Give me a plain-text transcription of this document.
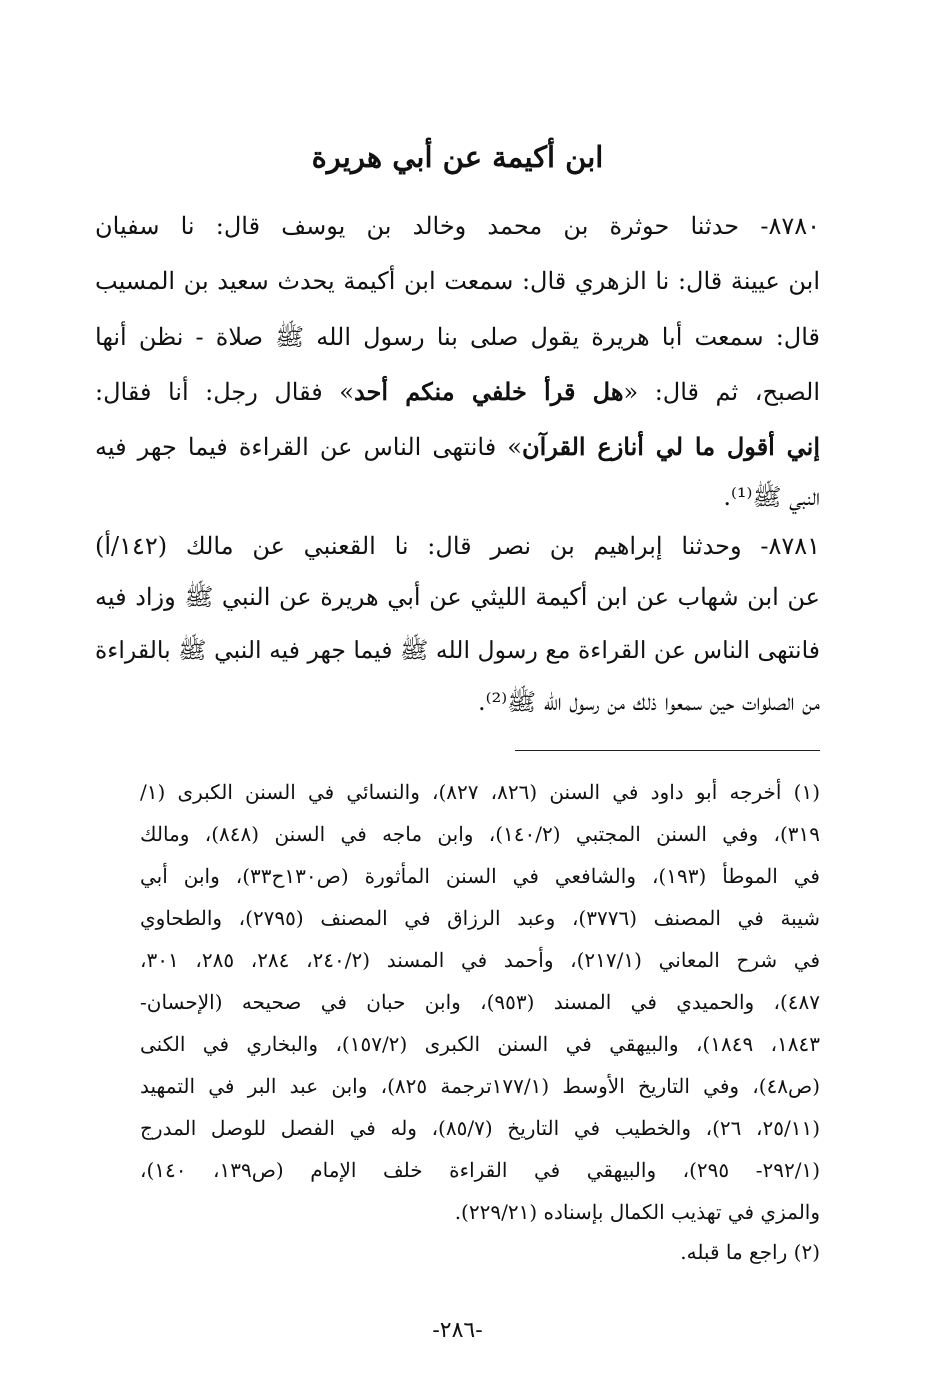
ابن أكيمة عن أبي هريرة
٨٧٨٠- حدثنا حوثرة بن محمد وخالد بن يوسف قال: نا سفيان
ابن عيينة قال: نا الزهري قال: سمعت ابن أكيمة يحدث سعيد بن المسيب
قال: سمعت أبا هريرة يقول صلى بنا رسول الله ﷺ صلاة - نظن أنها
الصبح، ثم قال: «هل قرأ خلفي منكم أحد» فقال رجل: أنا فقال:
إني أقول ما لي أنازع القرآن» فانتهى الناس عن القراءة فيما جهر فيه
النبي ﷺ⁽¹⁾.
٨٧٨١- وحدثنا إبراهيم بن نصر قال: نا القعنبي عن مالك (١٤٢/أ)
عن ابن شهاب عن ابن أكيمة الليثي عن أبي هريرة عن النبي ﷺ وزاد فيه
فانتهى الناس عن القراءة مع رسول الله ﷺ فيما جهر فيه النبي ﷺ بالقراءة
من الصلوات حين سمعوا ذلك من رسول الله ﷺ⁽²⁾.
(١) أخرجه أبو داود في السنن (٨٢٦، ٨٢٧)، والنسائي في السنن الكبرى (١/
٣١٩)، وفي السنن المجتبي (١٤٠/٢)، وابن ماجه في السنن (٨٤٨)، ومالك
في الموطأ (١٩٣)، والشافعي في السنن المأثورة (ص١٣٠ح٣٣)، وابن أبي
شيبة في المصنف (٣٧٧٦)، وعبد الرزاق في المصنف (٢٧٩٥)، والطحاوي
في شرح المعاني (٢١٧/١)، وأحمد في المسند (٢٤٠/٢، ٢٨٤، ٢٨٥، ٣٠١،
٤٨٧)، والحميدي في المسند (٩٥٣)، وابن حبان في صحيحه (الإحسان-
١٨٤٣، ١٨٤٩)، والبيهقي في السنن الكبرى (١٥٧/٢)، والبخاري في الكنى
(ص٤٨)، وفي التاريخ الأوسط (١٧٧/١ترجمة ٨٢٥)، وابن عبد البر في التمهيد
(٢٥/١١، ٢٦)، والخطيب في التاريخ (٨٥/٧)، وله في الفصل للوصل المدرج
(٢٩٢/١- ٢٩٥)، والبيهقي في القراءة خلف الإمام (ص١٣٩، ١٤٠)،
والمزي في تهذيب الكمال بإسناده (٢٢٩/٢١).
(٢) راجع ما قبله.
-٢٨٦-
